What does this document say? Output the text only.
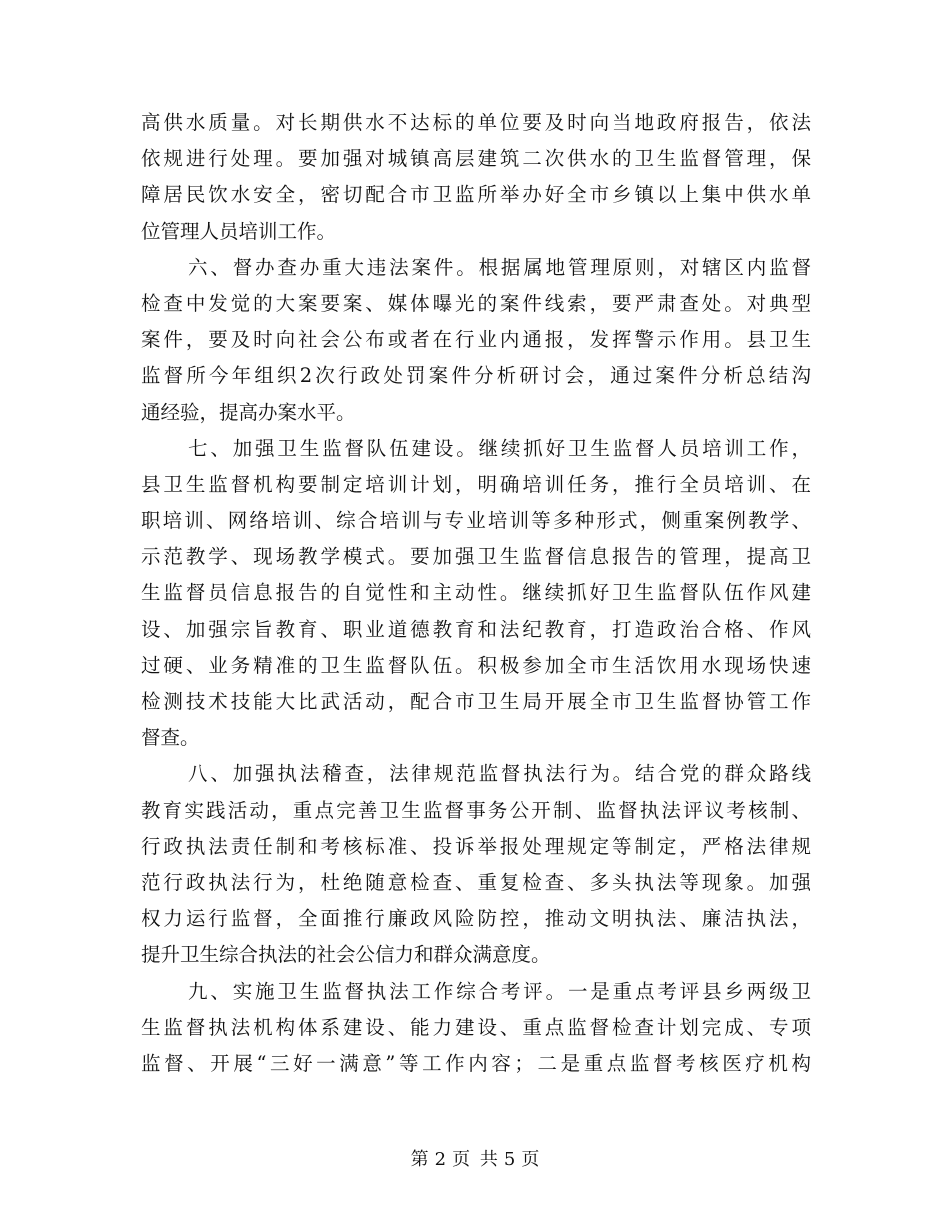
高供水质量。对长期供水不达标的单位要及时向当地政府报告，依法
依规进行处理。要加强对城镇高层建筑二次供水的卫生监督管理，保
障居民饮水安全，密切配合市卫监所举办好全市乡镇以上集中供水单
位管理人员培训工作。
六、督办查办重大违法案件。根据属地管理原则，对辖区内监督
检查中发觉的大案要案、媒体曝光的案件线索，要严肃查处。对典型
案件，要及时向社会公布或者在行业内通报，发挥警示作用。县卫生
监督所今年组织2次行政处罚案件分析研讨会，通过案件分析总结沟
通经验，提高办案水平。
七、加强卫生监督队伍建设。继续抓好卫生监督人员培训工作，
县卫生监督机构要制定培训计划，明确培训任务，推行全员培训、在
职培训、网络培训、综合培训与专业培训等多种形式，侧重案例教学、
示范教学、现场教学模式。要加强卫生监督信息报告的管理，提高卫
生监督员信息报告的自觉性和主动性。继续抓好卫生监督队伍作风建
设、加强宗旨教育、职业道德教育和法纪教育，打造政治合格、作风
过硬、业务精准的卫生监督队伍。积极参加全市生活饮用水现场快速
检测技术技能大比武活动，配合市卫生局开展全市卫生监督协管工作
督查。
八、加强执法稽查，法律规范监督执法行为。结合党的群众路线
教育实践活动，重点完善卫生监督事务公开制、监督执法评议考核制、
行政执法责任制和考核标准、投诉举报处理规定等制定，严格法律规
范行政执法行为，杜绝随意检查、重复检查、多头执法等现象。加强
权力运行监督，全面推行廉政风险防控，推动文明执法、廉洁执法，
提升卫生综合执法的社会公信力和群众满意度。
九、实施卫生监督执法工作综合考评。一是重点考评县乡两级卫
生监督执法机构体系建设、能力建设、重点监督检查计划完成、专项
监督、开展“三好一满意”等工作内容；二是重点监督考核医疗机构
第 2 页 共 5 页
